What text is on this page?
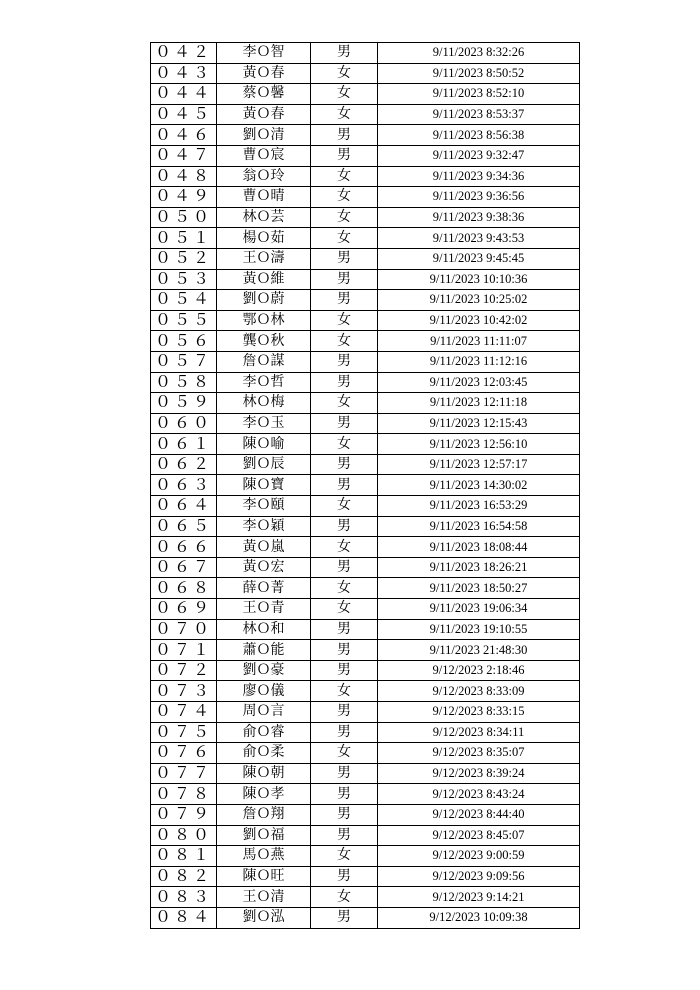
０４２	李Ｏ智	男	9/11/2023 8:32:26
０４３	黃Ｏ春	女	9/11/2023 8:50:52
０４４	蔡Ｏ馨	女	9/11/2023 8:52:10
０４５	黃Ｏ春	女	9/11/2023 8:53:37
０４６	劉Ｏ清	男	9/11/2023 8:56:38
０４７	曹Ｏ宸	男	9/11/2023 9:32:47
０４８	翁Ｏ玲	女	9/11/2023 9:34:36
０４９	曹Ｏ晴	女	9/11/2023 9:36:56
０５０	林Ｏ芸	女	9/11/2023 9:38:36
０５１	楊Ｏ茹	女	9/11/2023 9:43:53
０５２	王Ｏ濤	男	9/11/2023 9:45:45
０５３	黃Ｏ維	男	9/11/2023 10:10:36
０５４	劉Ｏ蔚	男	9/11/2023 10:25:02
０５５	鄂Ｏ林	女	9/11/2023 10:42:02
０５６	龔Ｏ秋	女	9/11/2023 11:11:07
０５７	詹Ｏ謀	男	9/11/2023 11:12:16
０５８	李Ｏ哲	男	9/11/2023 12:03:45
０５９	林Ｏ梅	女	9/11/2023 12:11:18
０６０	李Ｏ玉	男	9/11/2023 12:15:43
０６１	陳Ｏ喻	女	9/11/2023 12:56:10
０６２	劉Ｏ辰	男	9/11/2023 12:57:17
０６３	陳Ｏ寶	男	9/11/2023 14:30:02
０６４	李Ｏ頤	女	9/11/2023 16:53:29
０６５	李Ｏ穎	男	9/11/2023 16:54:58
０６６	黃Ｏ嵐	女	9/11/2023 18:08:44
０６７	黃Ｏ宏	男	9/11/2023 18:26:21
０６８	薛Ｏ菁	女	9/11/2023 18:50:27
０６９	王Ｏ青	女	9/11/2023 19:06:34
０７０	林Ｏ和	男	9/11/2023 19:10:55
０７１	蕭Ｏ能	男	9/11/2023 21:48:30
０７２	劉Ｏ豪	男	9/12/2023 2:18:46
０７３	廖Ｏ儀	女	9/12/2023 8:33:09
０７４	周Ｏ言	男	9/12/2023 8:33:15
０７５	俞Ｏ睿	男	9/12/2023 8:34:11
０７６	俞Ｏ柔	女	9/12/2023 8:35:07
０７７	陳Ｏ朝	男	9/12/2023 8:39:24
０７８	陳Ｏ孝	男	9/12/2023 8:43:24
０７９	詹Ｏ翔	男	9/12/2023 8:44:40
０８０	劉Ｏ福	男	9/12/2023 8:45:07
０８１	馬Ｏ燕	女	9/12/2023 9:00:59
０８２	陳Ｏ旺	男	9/12/2023 9:09:56
０８３	王Ｏ清	女	9/12/2023 9:14:21
０８４	劉Ｏ泓	男	9/12/2023 10:09:38
